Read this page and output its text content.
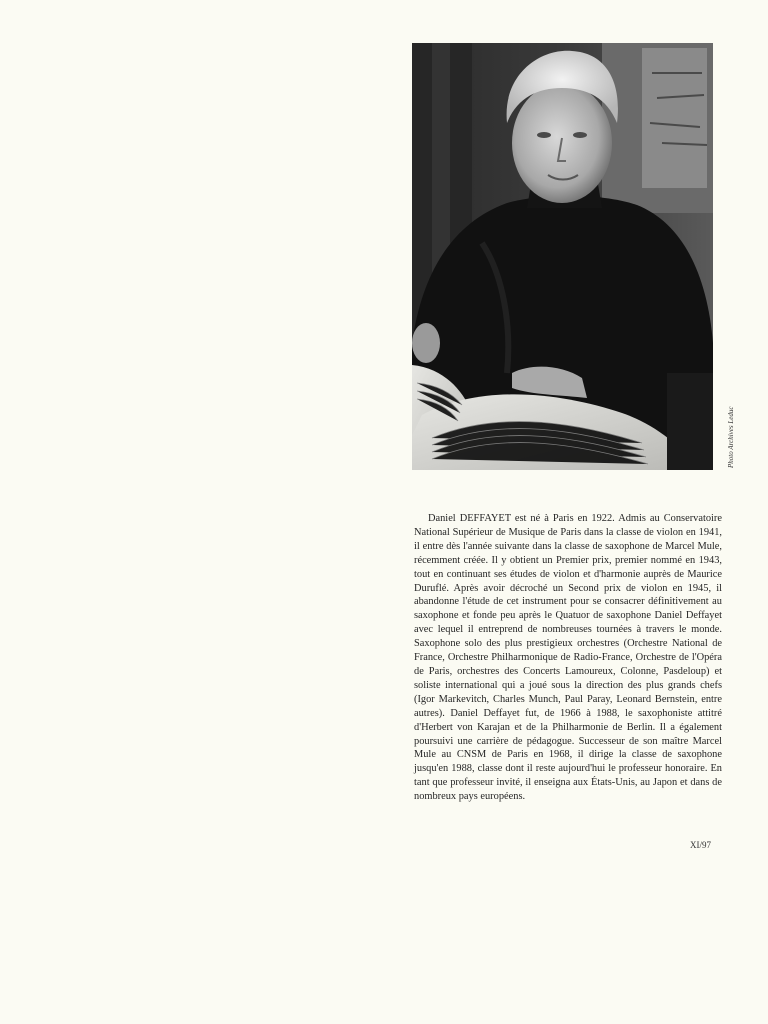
Photo Archives Leduc

Daniel DEFFAYET est né à Paris en 1922. Admis au Conservatoire National Supérieur de Musique de Paris dans la classe de violon en 1941, il entre dès l'année suivante dans la classe de saxophone de Marcel Mule, récemment créée. Il y obtient un Premier prix, premier nommé en 1943, tout en continuant ses études de violon et d'harmonie auprès de Maurice Duruflé. Après avoir décroché un Second prix de violon en 1945, il abandonne l'étude de cet instrument pour se consacrer définitivement au saxophone et fonde peu après le Quatuor de saxophone Daniel Deffayet avec lequel il entreprend de nombreuses tournées à travers le monde. Saxophone solo des plus prestigieux orchestres (Orchestre National de France, Orchestre Philharmonique de Radio-France, Orchestre de l'Opéra de Paris, orchestres des Concerts Lamoureux, Colonne, Pasdeloup) et soliste international qui a joué sous la direction des plus grands chefs (Igor Markevitch, Charles Munch, Paul Paray, Leonard Bernstein, entre autres). Daniel Deffayet fut, de 1966 à 1988, le saxophoniste attitré d'Herbert von Karajan et de la Philharmonie de Berlin. Il a également poursuivi une carrière de pédagogue. Successeur de son maître Marcel Mule au CNSM de Paris en 1968, il dirige la classe de saxophone jusqu'en 1988, classe dont il reste aujourd'hui le professeur honoraire. En tant que professeur invité, il enseigna aux États-Unis, au Japon et dans de nombreux pays européens.

XI/97
